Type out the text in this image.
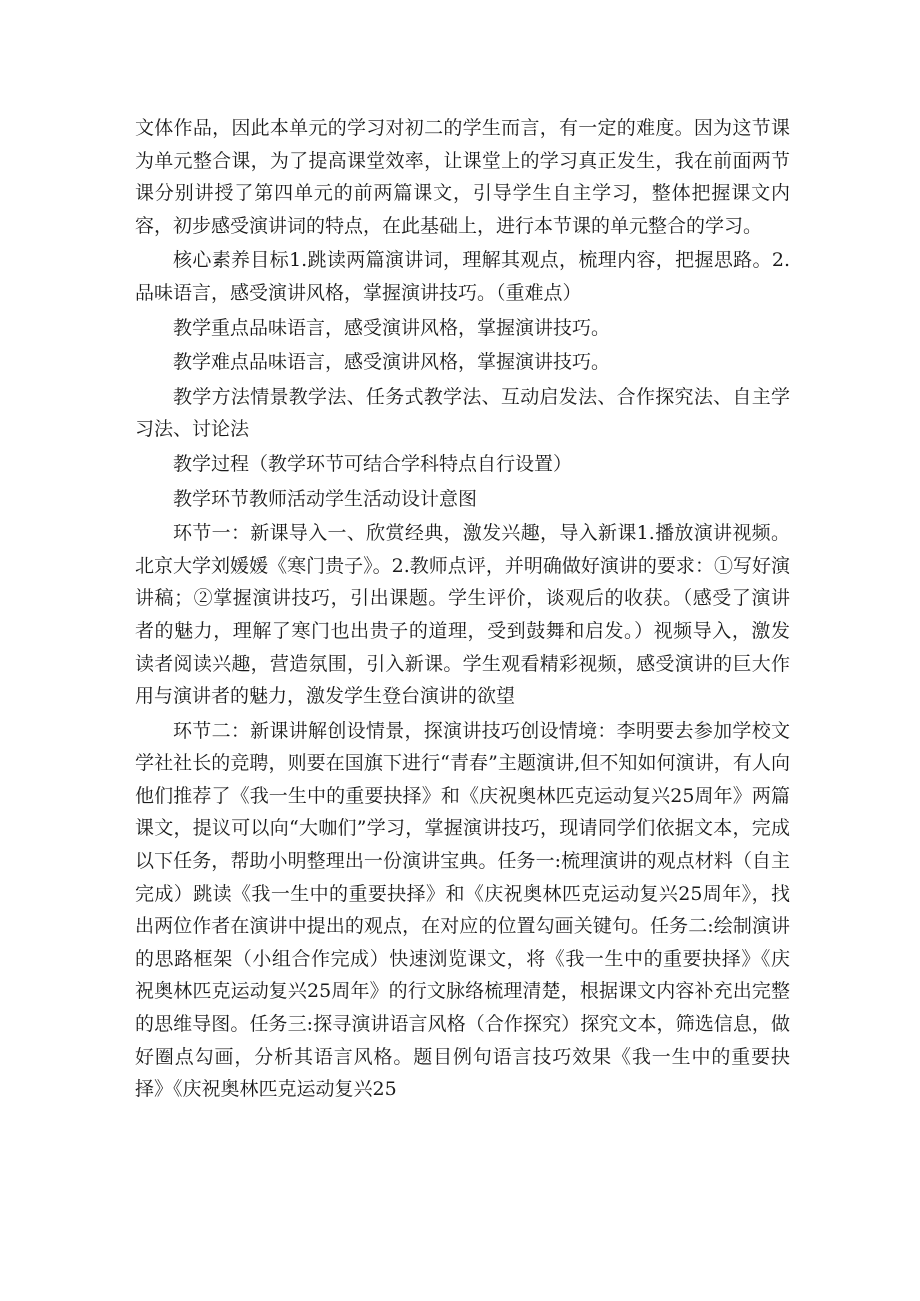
文体作品，因此本单元的学习对初二的学生而言，有一定的难度。因为这节课为单元整合课，为了提高课堂效率，让课堂上的学习真正发生，我在前面两节课分别讲授了第四单元的前两篇课文，引导学生自主学习，整体把握课文内容，初步感受演讲词的特点，在此基础上，进行本节课的单元整合的学习。

核心素养目标1.跳读两篇演讲词，理解其观点，梳理内容，把握思路。2.品味语言，感受演讲风格，掌握演讲技巧。（重难点）

教学重点品味语言，感受演讲风格，掌握演讲技巧。

教学难点品味语言，感受演讲风格，掌握演讲技巧。

教学方法情景教学法、任务式教学法、互动启发法、合作探究法、自主学习法、讨论法

教学过程（教学环节可结合学科特点自行设置）

教学环节教师活动学生活动设计意图

环节一：新课导入一、欣赏经典，激发兴趣，导入新课1.播放演讲视频。北京大学刘媛媛《寒门贵子》。2.教师点评，并明确做好演讲的要求：①写好演讲稿；②掌握演讲技巧，引出课题。学生评价，谈观后的收获。（感受了演讲者的魅力，理解了寒门也出贵子的道理，受到鼓舞和启发。）视频导入，激发读者阅读兴趣，营造氛围，引入新课。学生观看精彩视频，感受演讲的巨大作用与演讲者的魅力，激发学生登台演讲的欲望

环节二：新课讲解创设情景，探演讲技巧创设情境：李明要去参加学校文学社社长的竞聘，则要在国旗下进行“青春”主题演讲,但不知如何演讲，有人向他们推荐了《我一生中的重要抉择》和《庆祝奥林匹克运动复兴25周年》两篇课文，提议可以向“大咖们”学习，掌握演讲技巧，现请同学们依据文本，完成以下任务，帮助小明整理出一份演讲宝典。任务一:梳理演讲的观点材料（自主完成）跳读《我一生中的重要抉择》和《庆祝奥林匹克运动复兴25周年》，找出两位作者在演讲中提出的观点，在对应的位置勾画关键句。任务二:绘制演讲的思路框架（小组合作完成）快速浏览课文，将《我一生中的重要抉择》《庆祝奥林匹克运动复兴25周年》的行文脉络梳理清楚，根据课文内容补充出完整的思维导图。任务三:探寻演讲语言风格（合作探究）探究文本，筛选信息，做好圈点勾画，分析其语言风格。题目例句语言技巧效果《我一生中的重要抉择》《庆祝奥林匹克运动复兴25
